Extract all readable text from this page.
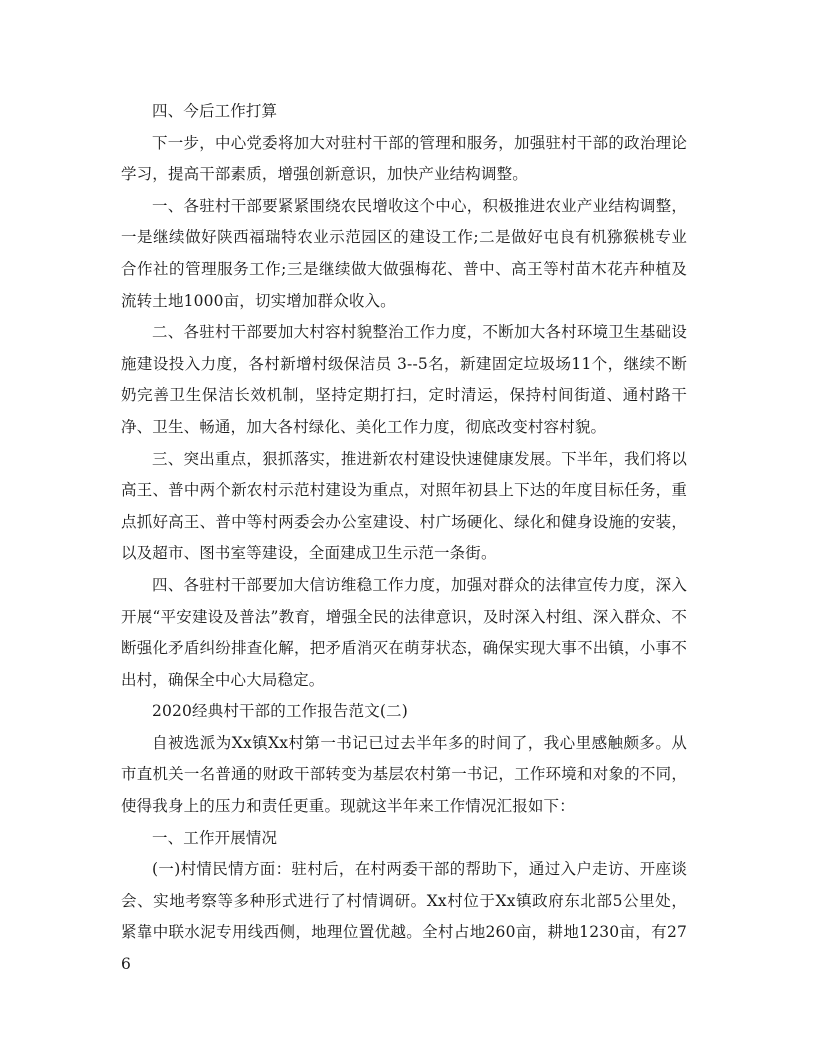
四、今后工作打算

下一步，中心党委将加大对驻村干部的管理和服务，加强驻村干部的政治理论学习，提高干部素质，增强创新意识，加快产业结构调整。

一、各驻村干部要紧紧围绕农民增收这个中心，积极推进农业产业结构调整，一是继续做好陕西福瑞特农业示范园区的建设工作;二是做好屯良有机猕猴桃专业合作社的管理服务工作;三是继续做大做强梅花、普中、高王等村苗木花卉种植及流转土地1000亩，切实增加群众收入。

二、各驻村干部要加大村容村貌整治工作力度，不断加大各村环境卫生基础设施建设投入力度，各村新增村级保洁员 3--5名，新建固定垃圾场11个，继续不断奶完善卫生保洁长效机制，坚持定期打扫，定时清运，保持村间街道、通村路干净、卫生、畅通，加大各村绿化、美化工作力度，彻底改变村容村貌。

三、突出重点，狠抓落实，推进新农村建设快速健康发展。下半年，我们将以高王、普中两个新农村示范村建设为重点，对照年初县上下达的年度目标任务，重点抓好高王、普中等村两委会办公室建设、村广场硬化、绿化和健身设施的安装，以及超市、图书室等建设，全面建成卫生示范一条街。

四、各驻村干部要加大信访维稳工作力度，加强对群众的法律宣传力度，深入开展“平安建设及普法”教育，增强全民的法律意识，及时深入村组、深入群众、不断强化矛盾纠纷排查化解，把矛盾消灭在萌芽状态，确保实现大事不出镇，小事不出村，确保全中心大局稳定。

2020经典村干部的工作报告范文(二)

自被选派为Xx镇Xx村第一书记已过去半年多的时间了，我心里感触颇多。从市直机关一名普通的财政干部转变为基层农村第一书记，工作环境和对象的不同，使得我身上的压力和责任更重。现就这半年来工作情况汇报如下：

一、工作开展情况

(一)村情民情方面：驻村后，在村两委干部的帮助下，通过入户走访、开座谈会、实地考察等多种形式进行了村情调研。Xx村位于Xx镇政府东北部5公里处，紧靠中联水泥专用线西侧，地理位置优越。全村占地260亩，耕地1230亩，有276
